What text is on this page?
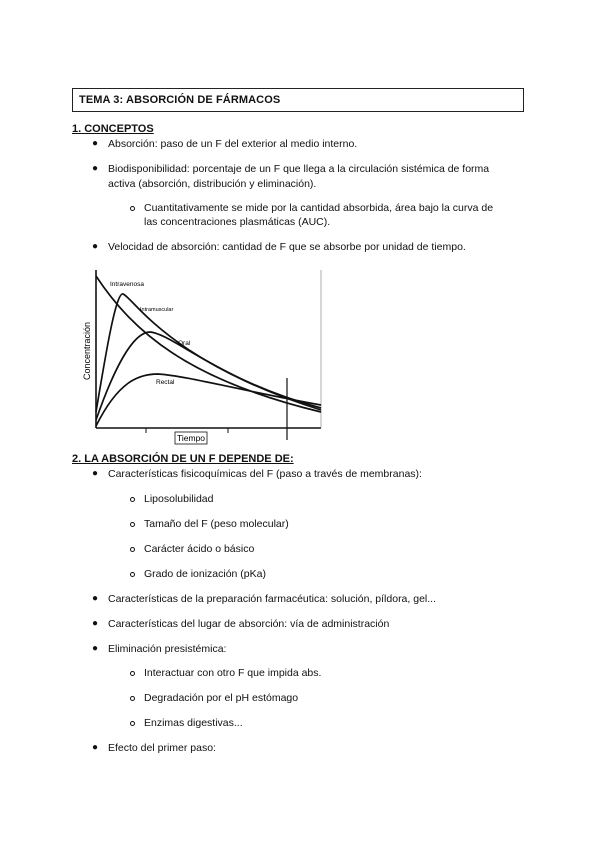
TEMA 3: ABSORCIÓN DE FÁRMACOS
1. CONCEPTOS
● Absorción: paso de un F del exterior al medio interno.
● Biodisponibilidad: porcentaje de un F que llega a la circulación sistémica de forma
activa (absorción, distribución y eliminación).
Cuantitativamente se mide por la cantidad absorbida, área bajo la curva de
las concentraciones plasmáticas (AUC).
● Velocidad de absorción: cantidad de F que se absorbe por unidad de tiempo.
Intravenosa
Intramuscular
Oral
Rectal
Concentración
Tiempo
2. LA ABSORCIÓN DE UN F DEPENDE DE:
● Características fisicoquímicas del F (paso a través de membranas):
Liposolubilidad
Tamaño del F (peso molecular)
Carácter ácido o básico
Grado de ionización (pKa)
● Características de la preparación farmacéutica: solución, píldora, gel...
● Características del lugar de absorción: vía de administración
● Eliminación presistémica:
Interactuar con otro F que impida abs.
Degradación por el pH estómago
Enzimas digestivas...
● Efecto del primer paso:
